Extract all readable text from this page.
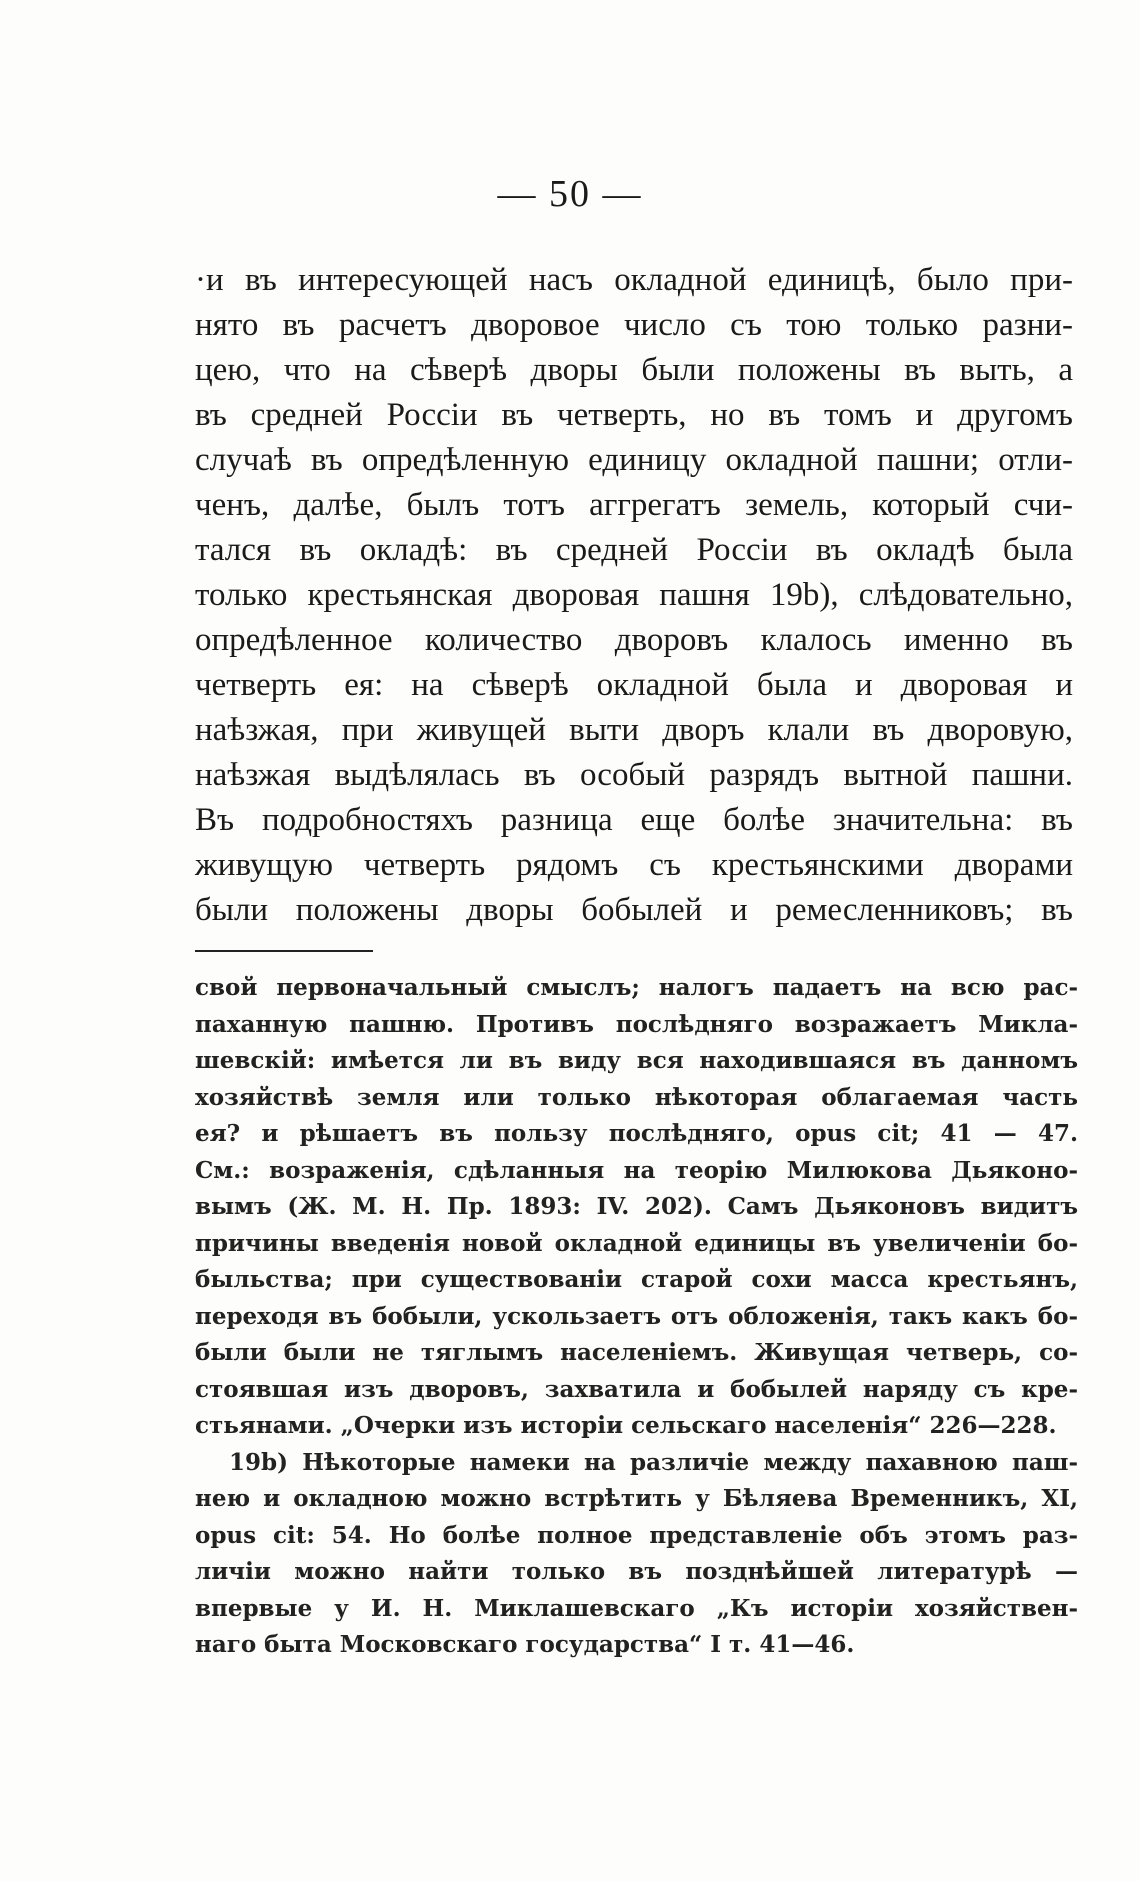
— 50 —
·и въ интересующей насъ окладной единицѣ, было при-
нято въ расчетъ дворовое число съ тою только разни-
цею, что на сѣверѣ дворы были положены въ выть, а
въ средней Россіи въ четверть, но въ томъ и другомъ
случаѣ въ опредѣленную единицу окладной пашни; отли-
ченъ, далѣе, былъ тотъ аггрегатъ земель, который счи-
тался въ окладѣ: въ средней Россіи въ окладѣ была
только крестьянская дворовая пашня 19b), слѣдовательно,
опредѣленное количество дворовъ клалось именно въ
четверть ея: на сѣверѣ окладной была и дворовая и
наѣзжая, при живущей выти дворъ клали въ дворовую,
наѣзжая выдѣлялась въ особый разрядъ вытной пашни.
Въ подробностяхъ разница еще болѣе значительна: въ
живущую четверть рядомъ съ крестьянскими дворами
были положены дворы бобылей и ремесленниковъ; въ
свой первоначальный смыслъ; налогъ падаетъ на всю рас-
паханную пашню. Противъ послѣдняго возражаетъ Микла-
шевскій: имѣется ли въ виду вся находившаяся въ данномъ
хозяйствѣ земля или только нѣкоторая облагаемая часть
ея? и рѣшаетъ въ пользу послѣдняго, opus cit; 41 — 47.
См.: возраженія, сдѣланныя на теорію Милюкова Дьяконо-
вымъ (Ж. М. Н. Пр. 1893: IV. 202). Самъ Дьяконовъ видитъ
причины введенія новой окладной единицы въ увеличеніи бо-
быльства; при существованіи старой сохи масса крестьянъ,
переходя въ бобыли, ускользаетъ отъ обложенія, такъ какъ бо-
были были не тяглымъ населеніемъ. Живущая четверь, со-
стоявшая изъ дворовъ, захватила и бобылей наряду съ кре-
стьянами. „Очерки изъ исторіи сельскаго населенія“ 226—228.
19b) Нѣкоторые намеки на различіе между пахавною паш-
нею и окладною можно встрѣтить у Бѣляева Временникъ, XI,
opus cit: 54. Но болѣе полное представленіе объ этомъ раз-
личіи можно найти только въ позднѣйшей литературѣ —
впервые у И. Н. Миклашевскаго „Къ исторіи хозяйствен-
наго быта Московскаго государства“ I т. 41—46.
